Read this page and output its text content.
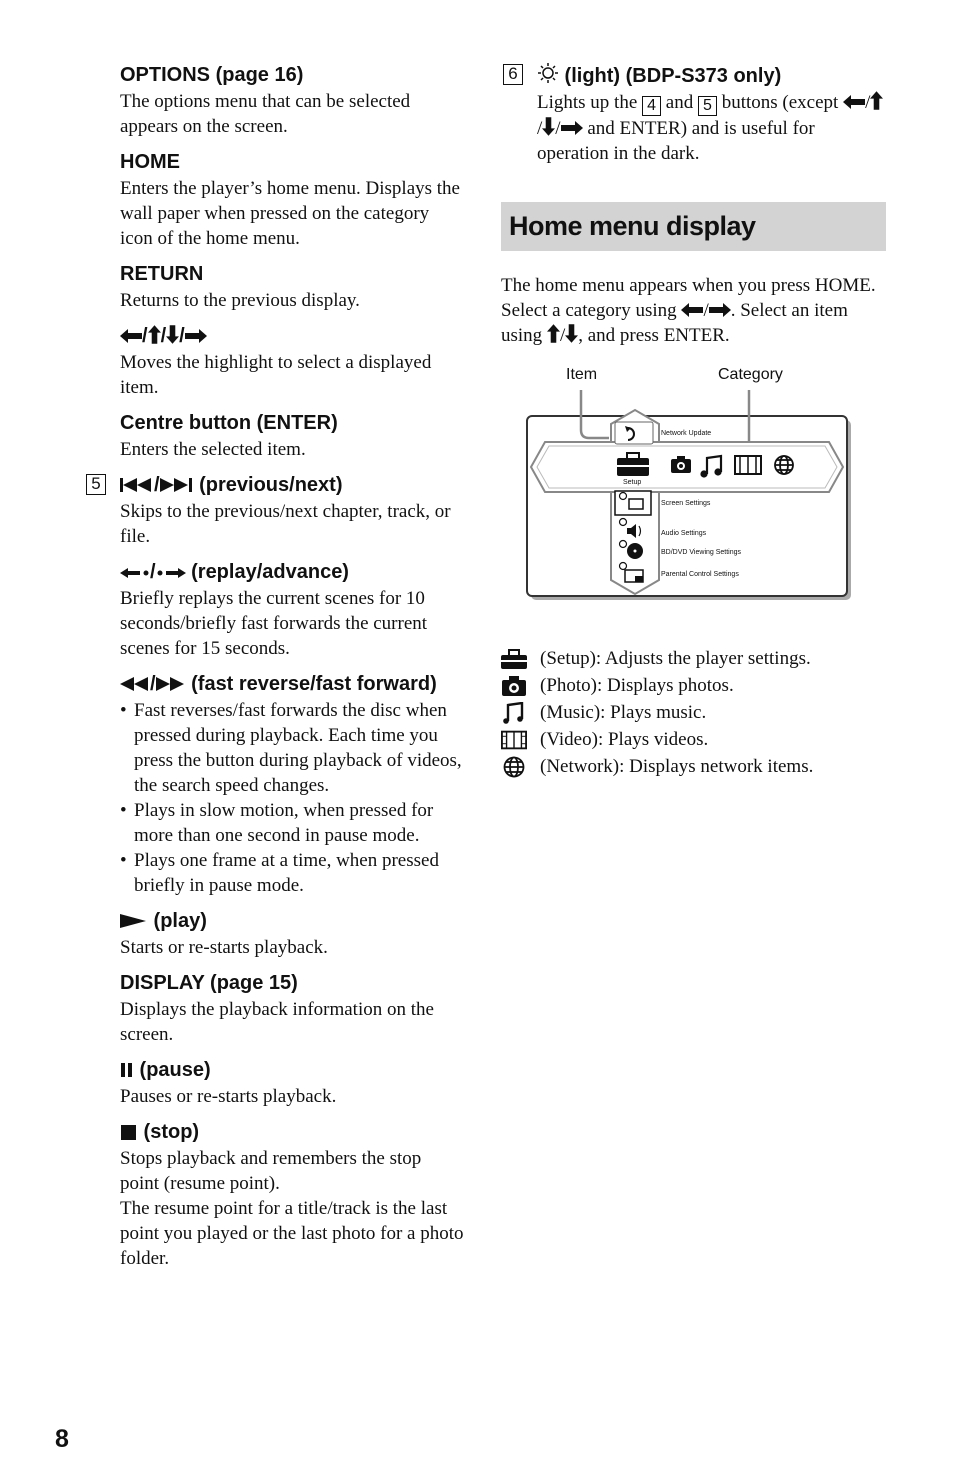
OPTIONS (page 16)

The options menu that can be selected appears on the screen.

HOME

Enters the player’s home menu. Displays the wall paper when pressed on the category icon of the home menu.

RETURN

Returns to the previous display.

/ / /

Moves the highlight to select a displayed item.

Centre button (ENTER)

Enters the selected item.

5	/ (previous/next)

Skips to the previous/next chapter, track, or file.

/ (replay/advance)

Briefly replays the current scenes for 10 seconds/briefly fast forwards the current scenes for 15 seconds.

/ (fast reverse/fast forward)

• Fast reverses/fast forwards the disc when pressed during playback. Each time you press the button during playback of videos, the search speed changes.

• Plays in slow motion, when pressed for more than one second in pause mode.

• Plays one frame at a time, when pressed briefly in pause mode.

(play)

Starts or re-starts playback.

DISPLAY (page 15)

Displays the playback information on the screen.

(pause)

Pauses or re-starts playback.

(stop)

Stops playback and remembers the stop point (resume point).

The resume point for a title/track is the last point you played or the last photo for a photo folder.

6	(light) (BDP-S373 only)

Lights up the 4 and 5 buttons (except // / and ENTER) and is useful for operation in the dark.

Home menu display

The home menu appears when you press HOME. Select a category using / . Select an item using / , and press ENTER.

Item	Category
Network Update
Setup
Screen Settings
Audio Settings
BD/DVD Viewing Settings
Parental Control Settings
(Setup): Adjusts the player settings.
(Photo): Displays photos.
(Music): Plays music.
(Video): Plays videos.
(Network): Displays network items.
8
